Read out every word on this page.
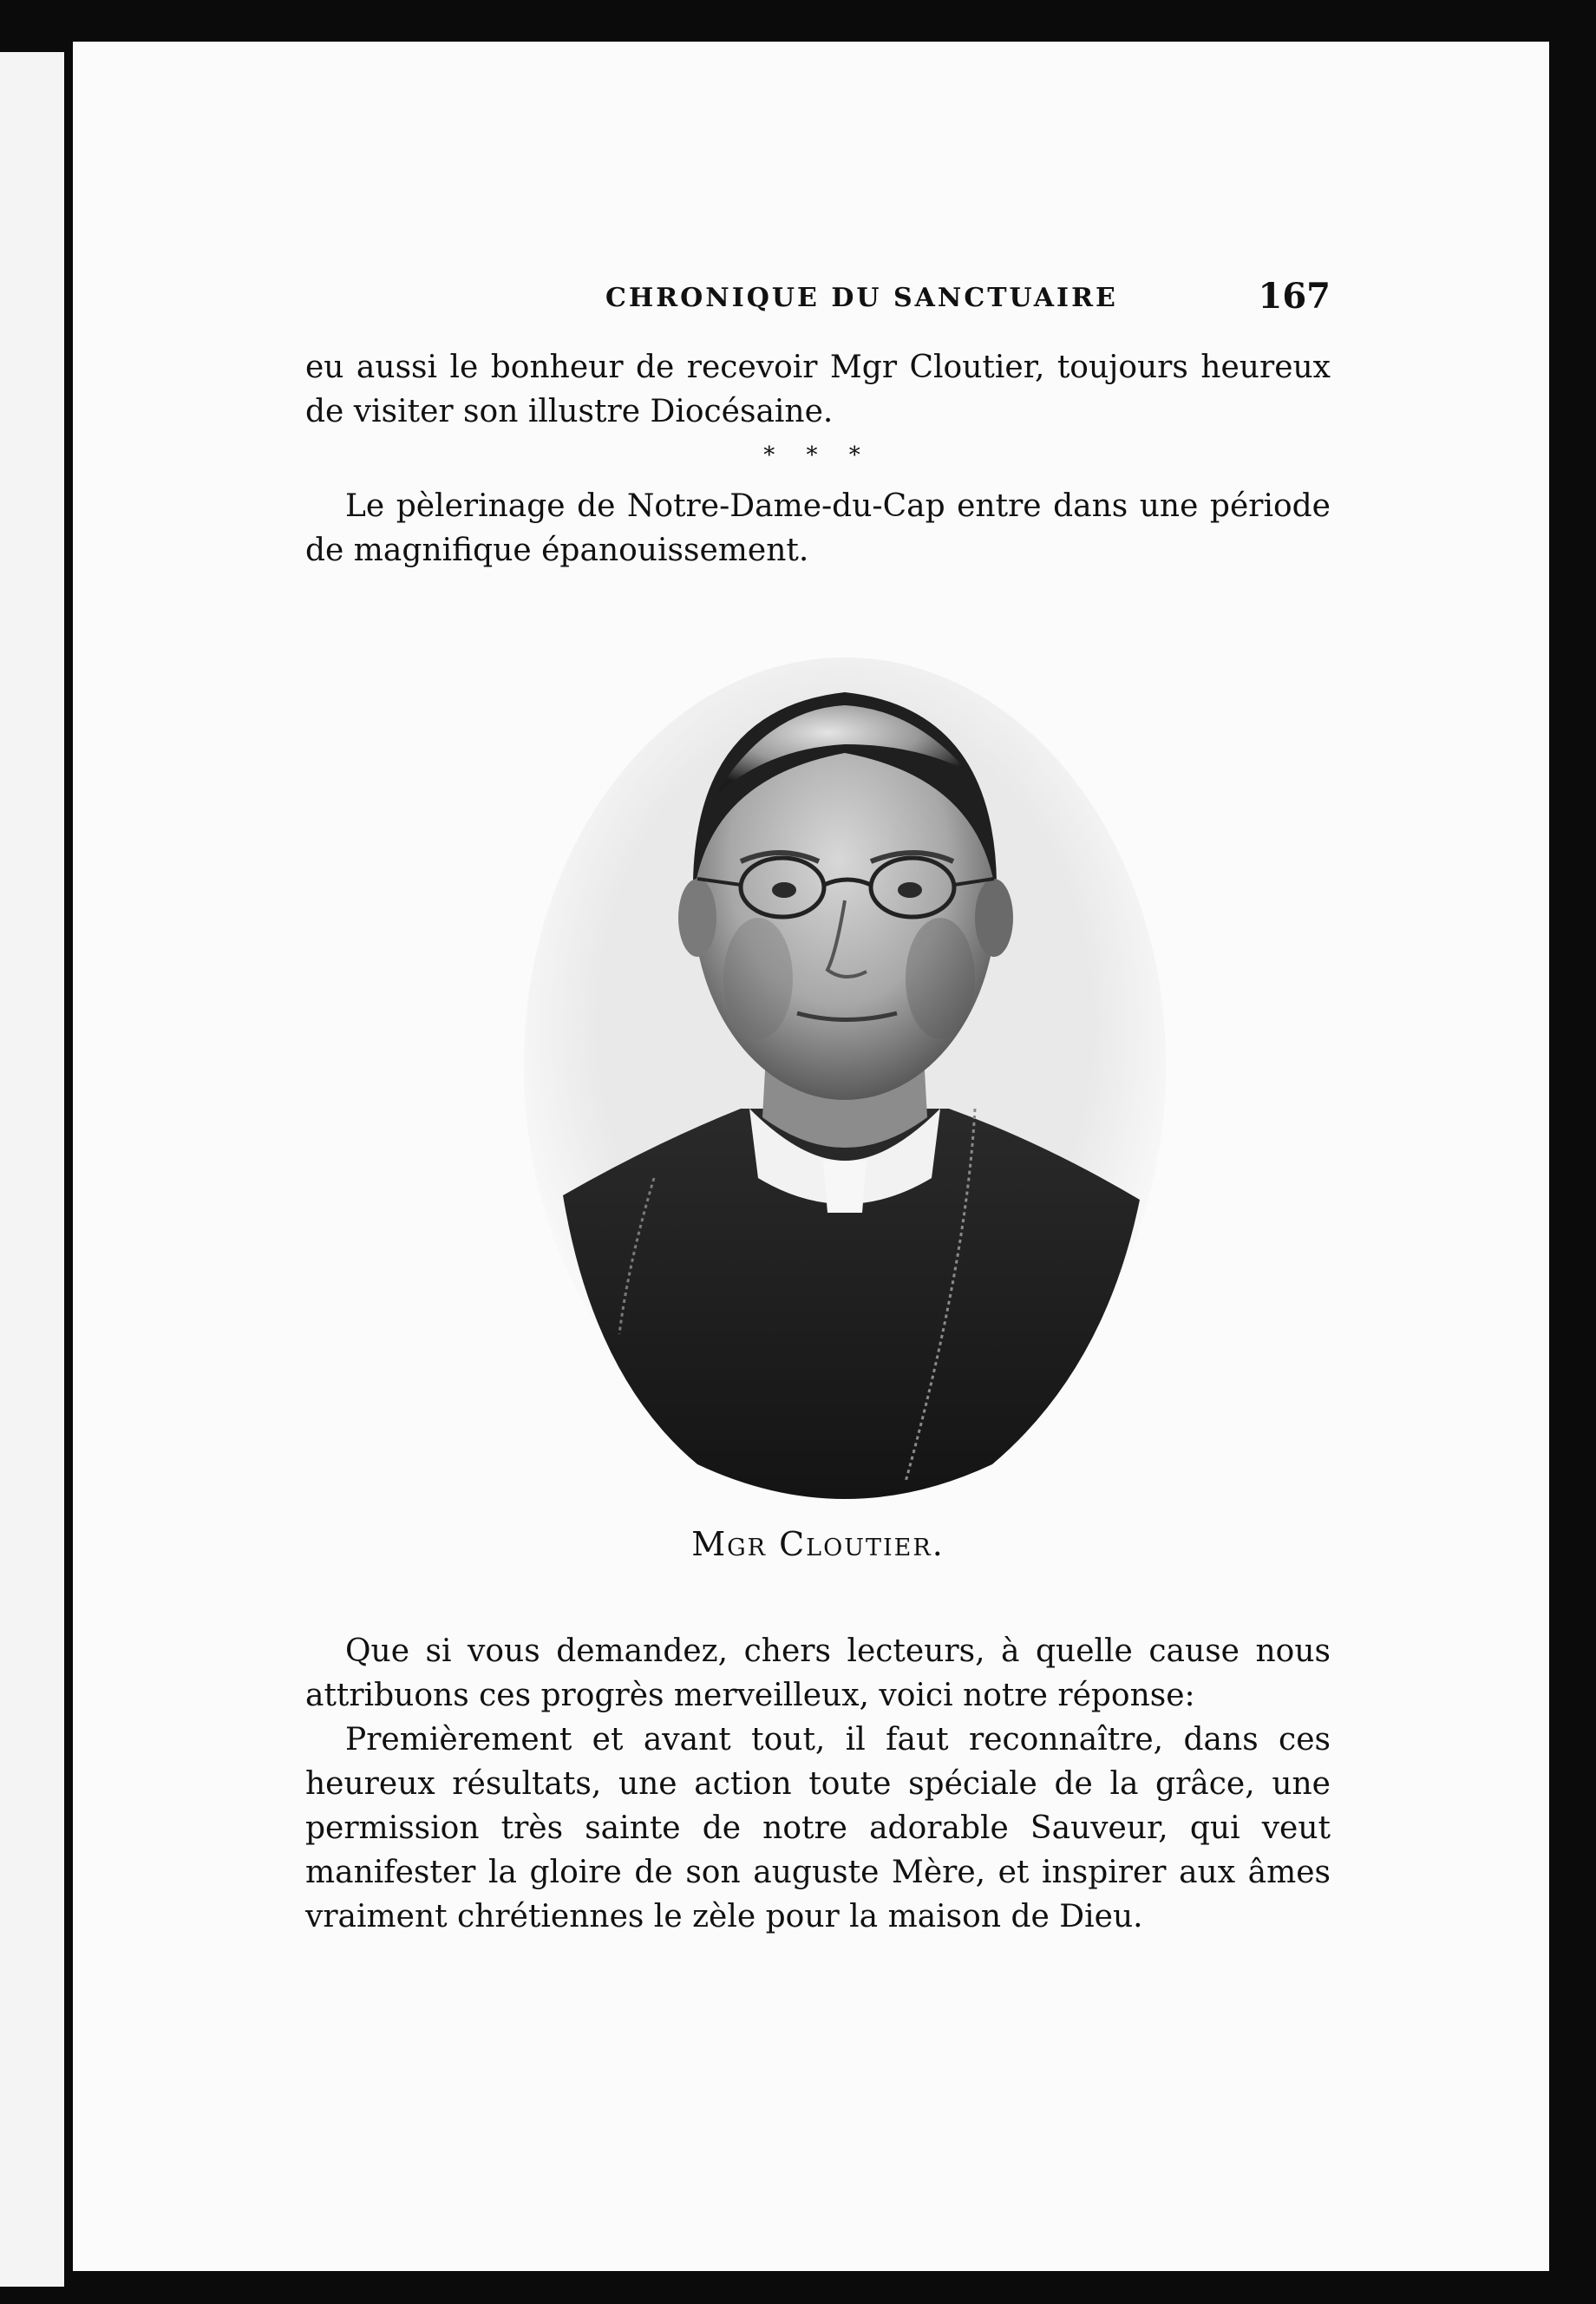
CHRONIQUE DU SANCTUAIRE	167

eu aussi le bonheur de recevoir Mgr Cloutier, toujours heureux de visiter son illustre Diocésaine.

* * *

Le pèlerinage de Notre-Dame-du-Cap entre dans une période de magnifique épanouissement.

Mgr Cloutier.

Que si vous demandez, chers lecteurs, à quelle cause nous attribuons ces progrès merveilleux, voici notre réponse:

Premièrement et avant tout, il faut reconnaître, dans ces heureux résultats, une action toute spéciale de la grâce, une permission très sainte de notre adorable Sauveur, qui veut manifester la gloire de son auguste Mère, et inspirer aux âmes vraiment chrétiennes le zèle pour la maison de Dieu.
